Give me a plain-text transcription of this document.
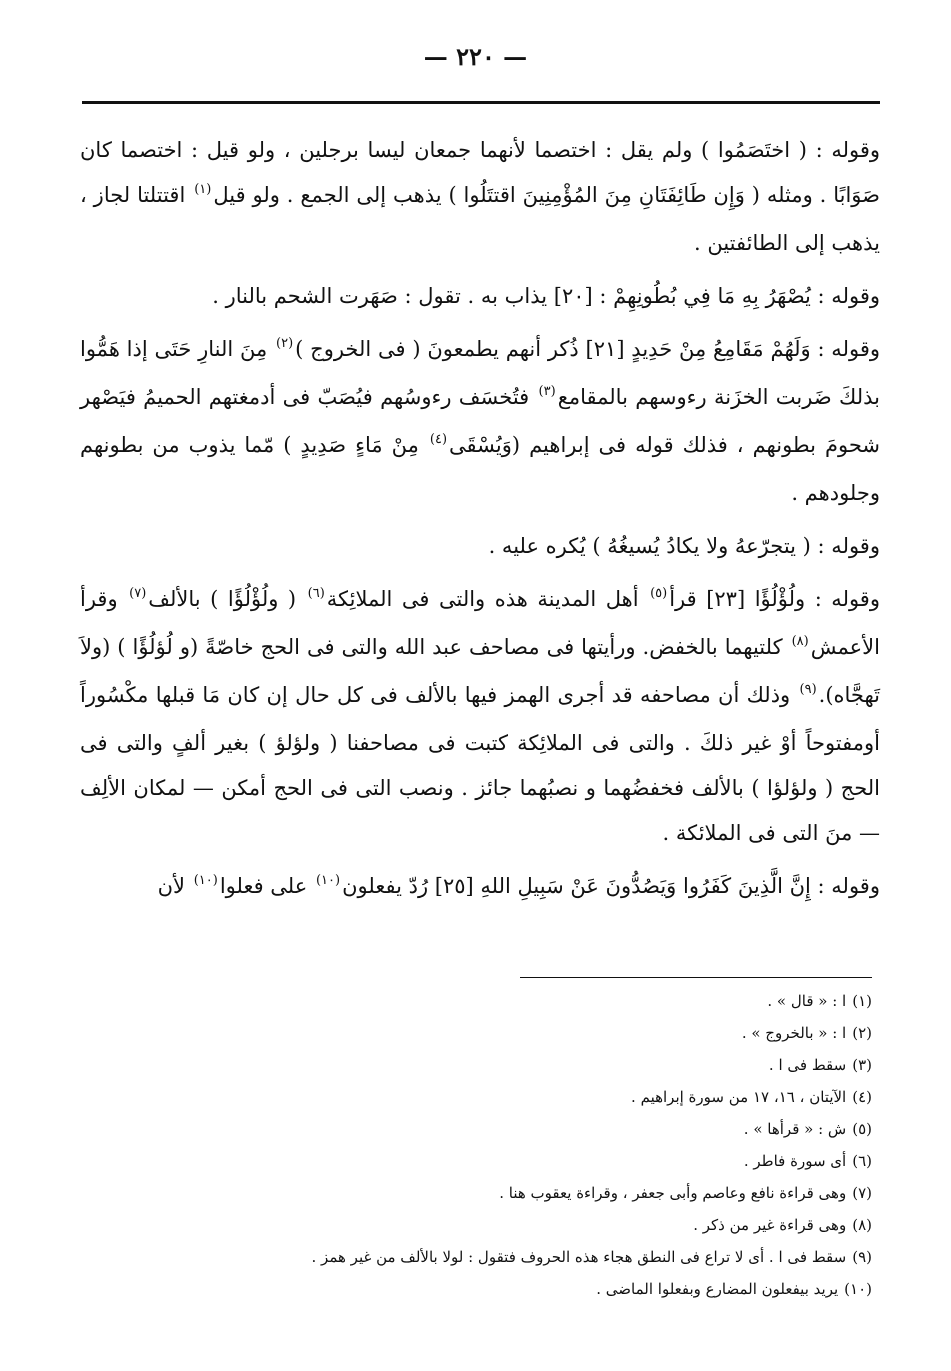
— ٢٢٠ —

وقوله : ( اختَصَمُوا ) ولم يقل : اختصما لأنهما جمعان ليسا برجلين ، ولو قيل : اختصما كان صَوَابًا . ومثله ( وَإِن طَائِفَتَانِ مِنَ المُؤْمِنِينَ اقتتَلُوا ) يذهب إلى الجمع . ولو قيل$^{(١)}$ اقتتلتا لجاز ، يذهب إلى الطائفتين .

وقوله : يُصْهَرُ بِهِ مَا فِي بُطُونِهِمْ : [٢٠] يذاب به . تقول : صَهَرت الشحم بالنار .

وقوله : وَلَهُمْ مَقَامِعُ مِنْ حَدِيدٍ [٢١] ذُكر أنهم يطمعونَ ( فى الخروج )$^{(٢)}$ مِنَ النارِ حَتَى إذا هَمُّوا بذلكَ ضَربت الخزَنة رءوسهم بالمقامع$^{(٣)}$ فتُخسَف رءوسُهم فيُصَبّ فى أدمغتهم الحميمُ فيَصْهر شحومَ بطونهم ، فذلك قوله فى إبراهيم (وَيُسْقَى$^{(٤)}$ مِنْ مَاءٍ صَدِيدٍ ) مّما يذوب من بطونهم وجلودهم .

وقوله : ( يتجرّعهُ ولا يكادُ يُسيغُهُ ) يُكره عليه .

وقوله : ولُؤْلُؤًا [٢٣] قرأ$^{(٥)}$ أهل المدينة هذه والتى فى الملائِكة$^{(٦)}$ ( ولُؤْلُؤًا ) بالألف$^{(٧)}$ وقرأ الأعمش$^{(٨)}$ كلتيهما بالخفض. ورأيتها فى مصاحف عبد الله والتى فى الحج خاصّةً (و لُؤلُؤًا ) (ولاَ تَهجَّاه).$^{(٩)}$ وذلك أن مصاحفه قد أجرى الهمز فيها بالألف فى كل حال إن كان مَا قبلها مكْسُوراً أومفتوحاً أوْ غير ذلكَ . والتى فى الملائِكة كتبت فى مصاحفنا ( ولؤلؤ ) بغير ألفٍ والتى فى الحج ( ولؤلؤا ) بالألف فخفضُهما و نصبُهما جائز . ونصب التى فى الحج أمكن — لمكان الألِف — منَ التى فى الملائكة .

وقوله : إِنَّ الَّذِينَ كَفَرُوا وَيَصُدُّونَ عَنْ سَبِيلِ اللهِ [٢٥] رُدّ يفعلون$^{(١٠)}$ على فعلوا$^{(١٠)}$ لأن

(١)ا : « قال » .
(٢)ا : « بالخروج » .
(٣)سقط فى ا .
(٤)الآيتان ، ١٦، ١٧ من سورة إبراهيم .
(٥)ش : « قرأها » .
(٦)أى سورة فاطر .
(٧)وهى قراءة نافع وعاصم وأبى جعفر ، وقراءة يعقوب هنا .
(٨)وهى قراءة غير من ذكر .
(٩)سقط فى ا . أى لا تراع فى النطق هجاء هذه الحروف فتقول : لولا بالألف من غير همز .
(١٠)يريد بيفعلون المضارع وبفعلوا الماضى .
